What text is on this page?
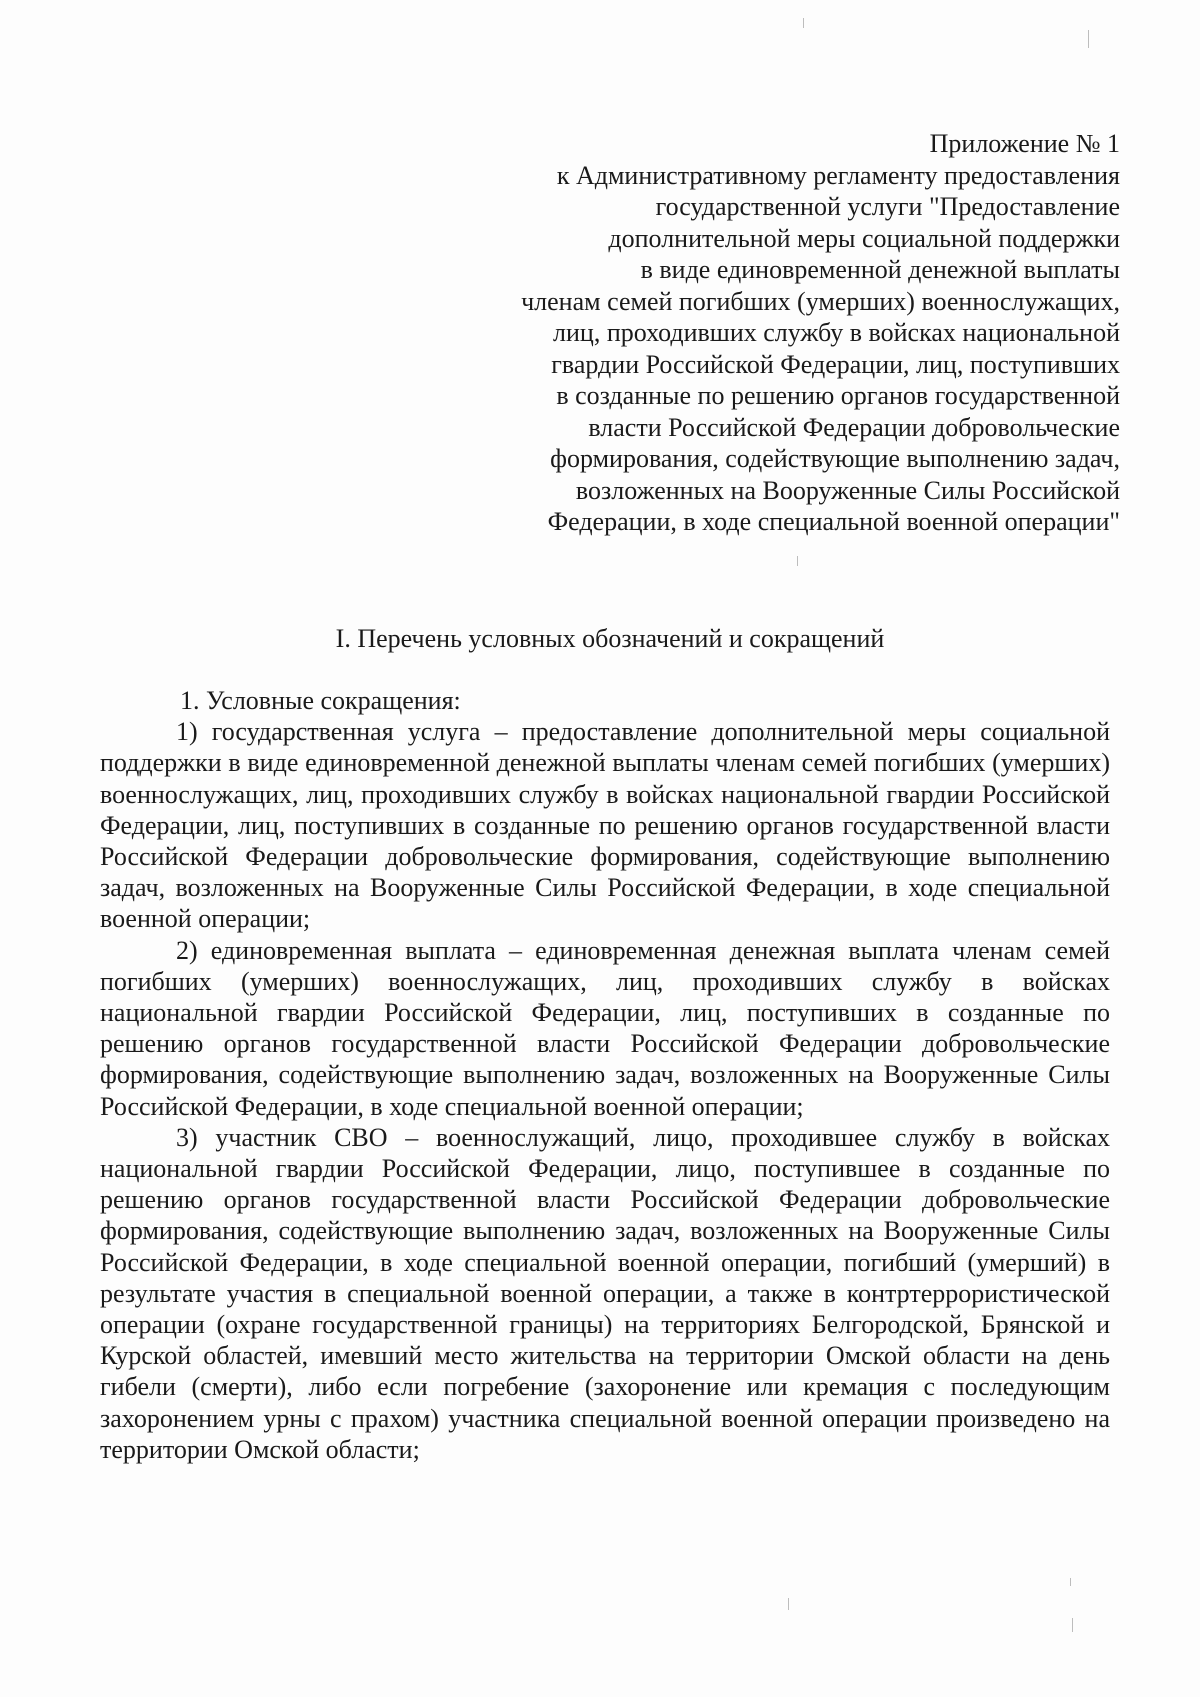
Приложение № 1
к Административному регламенту предоставления
государственной услуги "Предоставление
дополнительной меры социальной поддержки
в виде единовременной денежной выплаты
членам семей погибших (умерших) военнослужащих,
лиц, проходивших службу в войсках национальной
гвардии Российской Федерации, лиц, поступивших
в созданные по решению органов государственной
власти Российской Федерации добровольческие
формирования, содействующие выполнению задач,
возложенных на Вооруженные Силы Российской
Федерации, в ходе специальной военной операции"
I. Перечень условных обозначений и сокращений

1. Условные сокращения:

1) государственная услуга – предоставление дополнительной меры социальной поддержки в виде единовременной денежной выплаты членам семей погибших (умерших) военнослужащих, лиц, проходивших службу в войсках национальной гвардии Российской Федерации, лиц, поступивших в созданные по решению органов государственной власти Российской Федерации добровольческие формирования, содействующие выполнению задач, возложенных на Вооруженные Силы Российской Федерации, в ходе специальной военной операции;

2) единовременная выплата – единовременная денежная выплата членам семей погибших (умерших) военнослужащих, лиц, проходивших службу в войсках национальной гвардии Российской Федерации, лиц, поступивших в созданные по решению органов государственной власти Российской Федерации добровольческие формирования, содействующие выполнению задач, возложенных на Вооруженные Силы Российской Федерации, в ходе специальной военной операции;

3) участник СВО – военнослужащий, лицо, проходившее службу в войсках национальной гвардии Российской Федерации, лицо, поступившее в созданные по решению органов государственной власти Российской Федерации добровольческие формирования, содействующие выполнению задач, возложенных на Вооруженные Силы Российской Федерации, в ходе специальной военной операции, погибший (умерший) в результате участия в специальной военной операции, а также в контртеррористической операции (охране государственной границы) на территориях Белгородской, Брянской и Курской областей, имевший место жительства на территории Омской области на день гибели (смерти), либо если погребение (захоронение или кремация с последующим захоронением урны с прахом) участника специальной военной операции произведено на территории Омской области;
